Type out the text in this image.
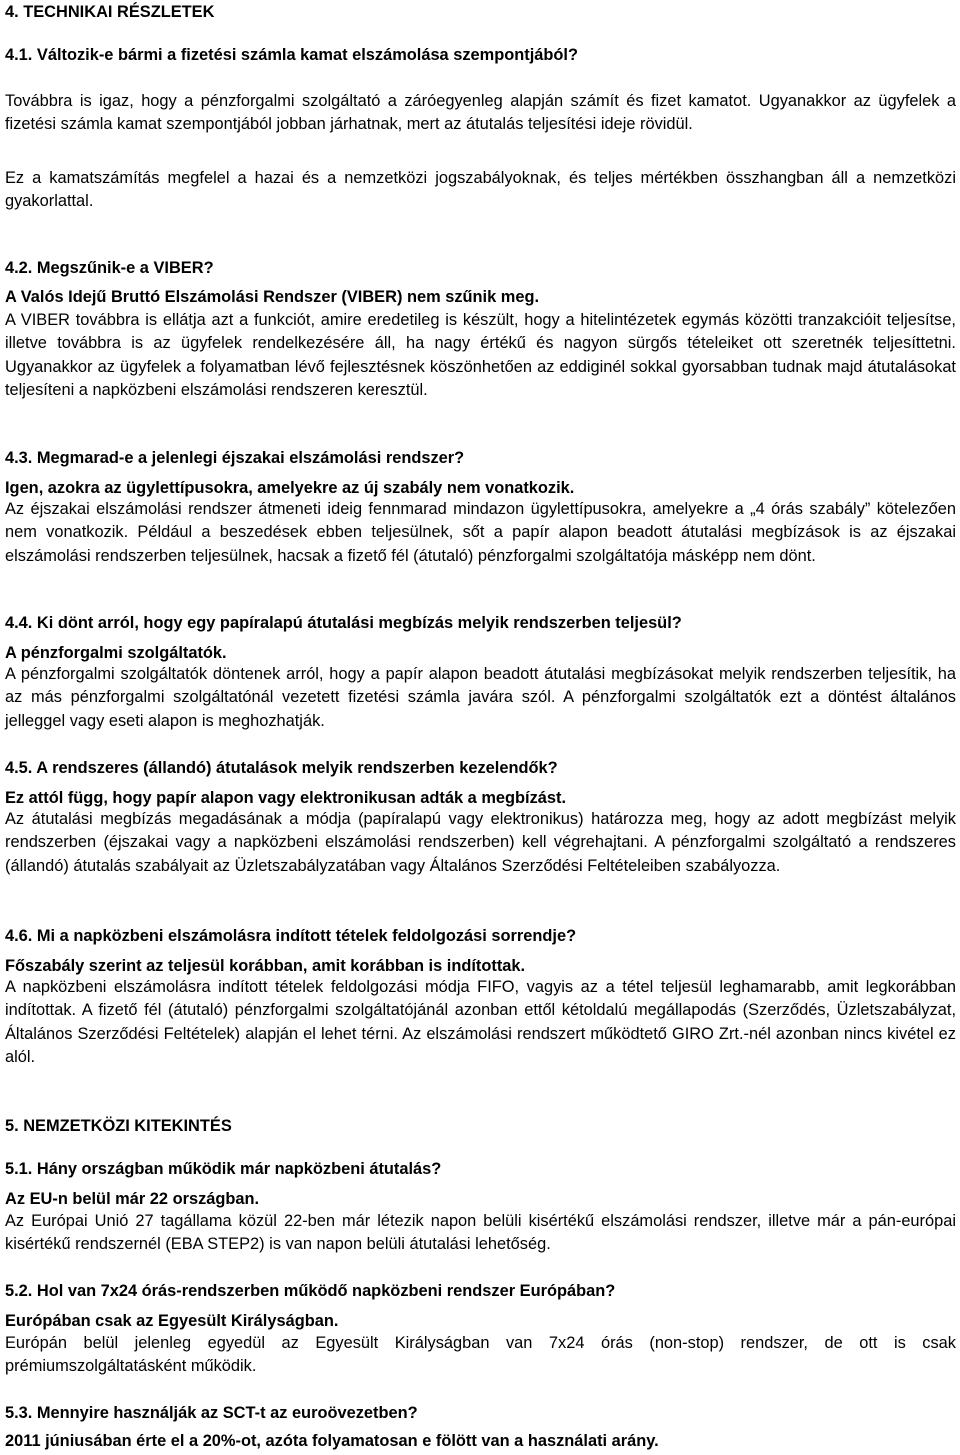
4. TECHNIKAI RÉSZLETEK

4.1. Változik-e bármi a fizetési számla kamat elszámolása szempontjából?

Továbbra is igaz, hogy a pénzforgalmi szolgáltató a záróegyenleg alapján számít és fizet kamatot. Ugyanakkor az ügyfelek a fizetési számla kamat szempontjából jobban járhatnak, mert az átutalás teljesítési ideje rövidül.

Ez a kamatszámítás megfelel a hazai és a nemzetközi jogszabályoknak, és teljes mértékben összhangban áll a nemzetközi gyakorlattal.

4.2. Megszűnik-e a VIBER?

A Valós Idejű Bruttó Elszámolási Rendszer (VIBER) nem szűnik meg.

A VIBER továbbra is ellátja azt a funkciót, amire eredetileg is készült, hogy a hitelintézetek egymás közötti tranzakcióit teljesítse, illetve továbbra is az ügyfelek rendelkezésére áll, ha nagy értékű és nagyon sürgős tételeiket ott szeretnék teljesíttetni. Ugyanakkor az ügyfelek a folyamatban lévő fejlesztésnek köszönhetően az eddiginél sokkal gyorsabban tudnak majd átutalásokat teljesíteni a napközbeni elszámolási rendszeren keresztül.

4.3. Megmarad-e a jelenlegi éjszakai elszámolási rendszer?

Igen, azokra az ügylettípusokra, amelyekre az új szabály nem vonatkozik.

Az éjszakai elszámolási rendszer átmeneti ideig fennmarad mindazon ügylettípusokra, amelyekre a „4 órás szabály” kötelezően nem vonatkozik. Például a beszedések ebben teljesülnek, sőt a papír alapon beadott átutalási megbízások is az éjszakai elszámolási rendszerben teljesülnek, hacsak a fizető fél (átutaló) pénzforgalmi szolgáltatója másképp nem dönt.

4.4. Ki dönt arról, hogy egy papíralapú átutalási megbízás melyik rendszerben teljesül?

A pénzforgalmi szolgáltatók.

A pénzforgalmi szolgáltatók döntenek arról, hogy a papír alapon beadott átutalási megbízásokat melyik rendszerben teljesítik, ha az más pénzforgalmi szolgáltatónál vezetett fizetési számla javára szól. A pénzforgalmi szolgáltatók ezt a döntést általános jelleggel vagy eseti alapon is meghozhatják.

4.5. A rendszeres (állandó) átutalások melyik rendszerben kezelendők?

Ez attól függ, hogy papír alapon vagy elektronikusan adták a megbízást.

Az átutalási megbízás megadásának a módja (papíralapú vagy elektronikus) határozza meg, hogy az adott megbízást melyik rendszerben (éjszakai vagy a napközbeni elszámolási rendszerben) kell végrehajtani. A pénzforgalmi szolgáltató a rendszeres (állandó) átutalás szabályait az Üzletszabályzatában vagy Általános Szerződési Feltételeiben szabályozza.

4.6. Mi a napközbeni elszámolásra indított tételek feldolgozási sorrendje?

Főszabály szerint az teljesül korábban, amit korábban is indítottak.

A napközbeni elszámolásra indított tételek feldolgozási módja FIFO, vagyis az a tétel teljesül leghamarabb, amit legkorábban indítottak. A fizető fél (átutaló) pénzforgalmi szolgáltatójánál azonban ettől kétoldalú megállapodás (Szerződés, Üzletszabályzat, Általános Szerződési Feltételek) alapján el lehet térni. Az elszámolási rendszert működtető GIRO Zrt.-nél azonban nincs kivétel ez alól.

5. NEMZETKÖZI KITEKINTÉS

5.1. Hány országban működik már napközbeni átutalás?

Az EU-n belül már 22 országban.

Az Európai Unió 27 tagállama közül 22-ben már létezik napon belüli kisértékű elszámolási rendszer, illetve már a pán-európai kisértékű rendszernél (EBA STEP2) is van napon belüli átutalási lehetőség.

5.2. Hol van 7x24 órás-rendszerben működő napközbeni rendszer Európában?

Európában csak az Egyesült Királyságban.

Európán belül jelenleg egyedül az Egyesült Királyságban van 7x24 órás (non-stop) rendszer, de ott is csak prémiumszolgáltatásként működik.

5.3. Mennyire használják az SCT-t az euroövezetben?

2011 júniusában érte el a 20%-ot, azóta folyamatosan e fölött van a használati arány.
